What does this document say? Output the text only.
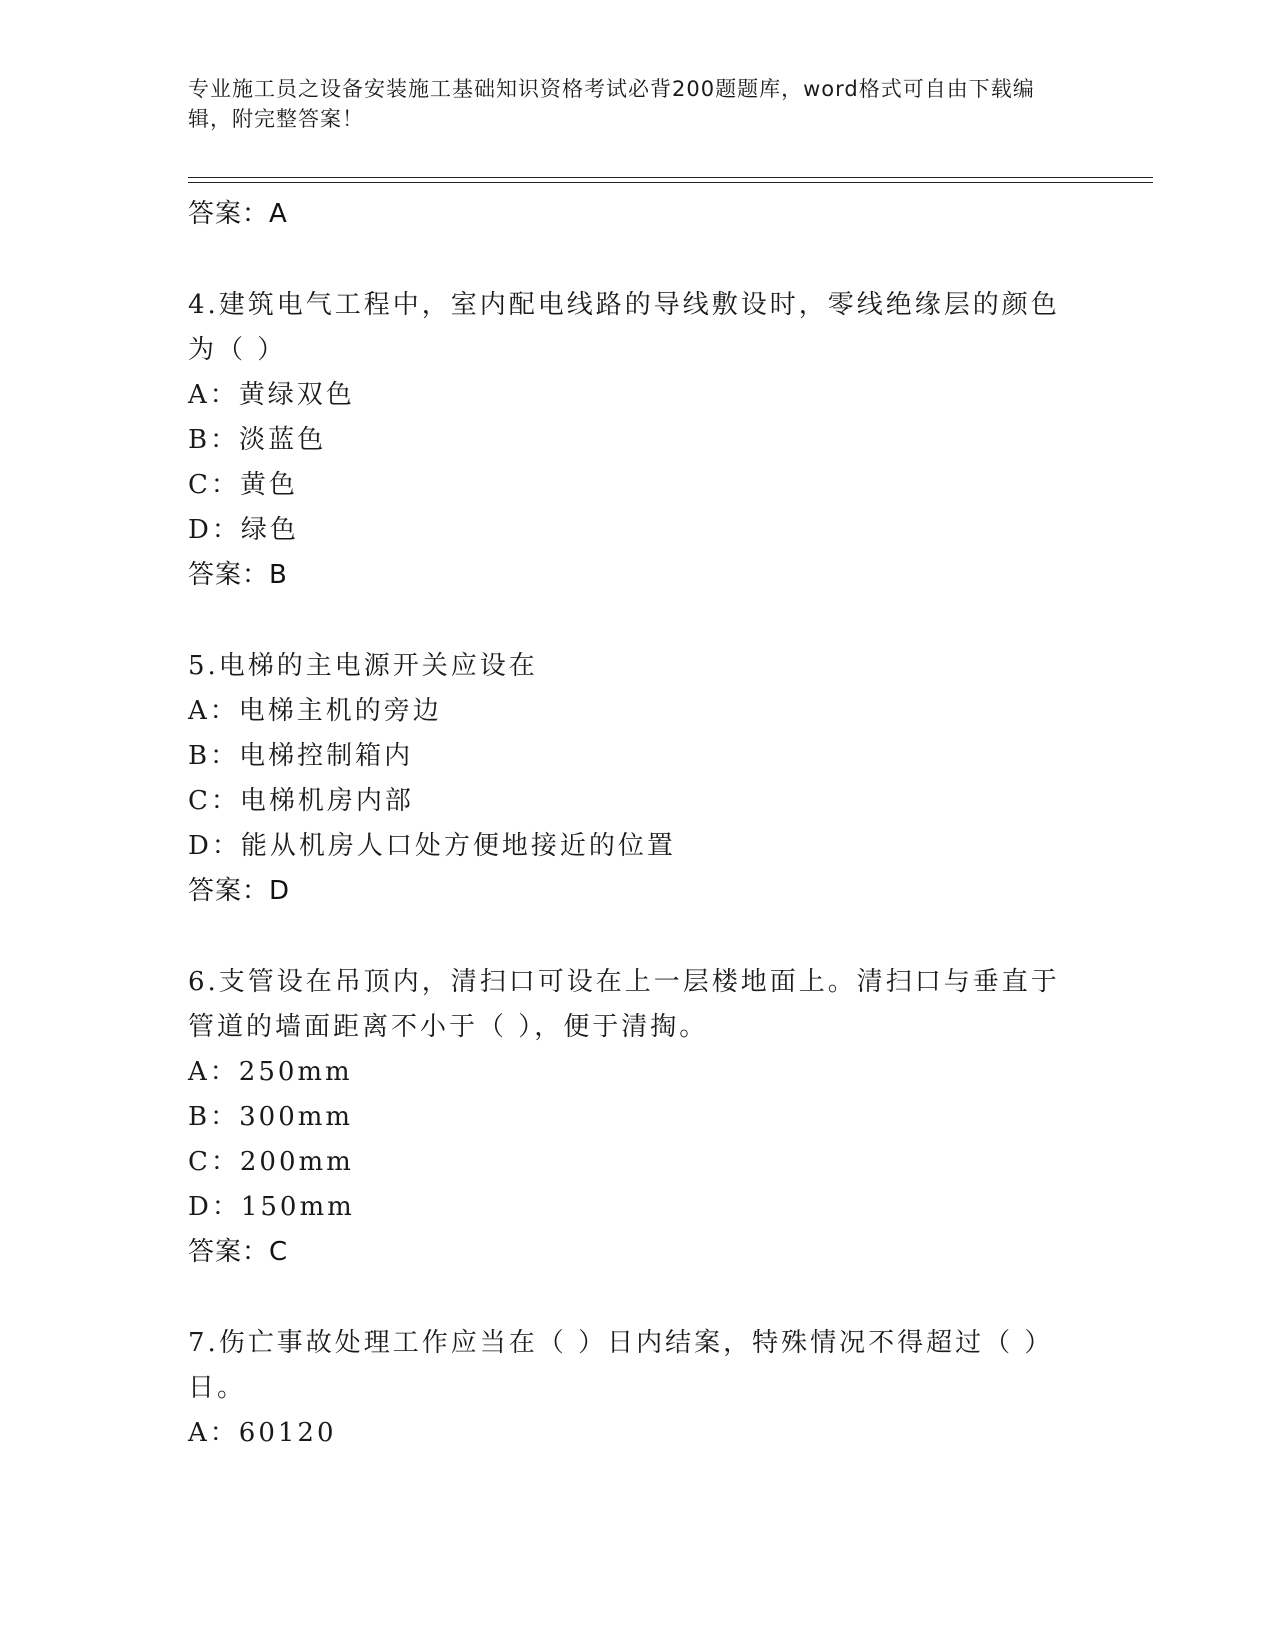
专业施工员之设备安装施工基础知识资格考试必背200题题库，word格式可自由下载编辑，附完整答案！
答案：A
4.建筑电气工程中，室内配电线路的导线敷设时，零线绝缘层的颜色为（ ）
A：黄绿双色
B：淡蓝色
C：黄色
D：绿色
答案：B
5.电梯的主电源开关应设在
A：电梯主机的旁边
B：电梯控制箱内
C：电梯机房内部
D：能从机房人口处方便地接近的位置
答案：D
6.支管设在吊顶内，清扫口可设在上一层楼地面上。清扫口与垂直于管道的墙面距离不小于（ ），便于清掏。
A：250mm
B：300mm
C：200mm
D：150mm
答案：C
7.伤亡事故处理工作应当在（ ）日内结案，特殊情况不得超过（ ）日。
A：60120
